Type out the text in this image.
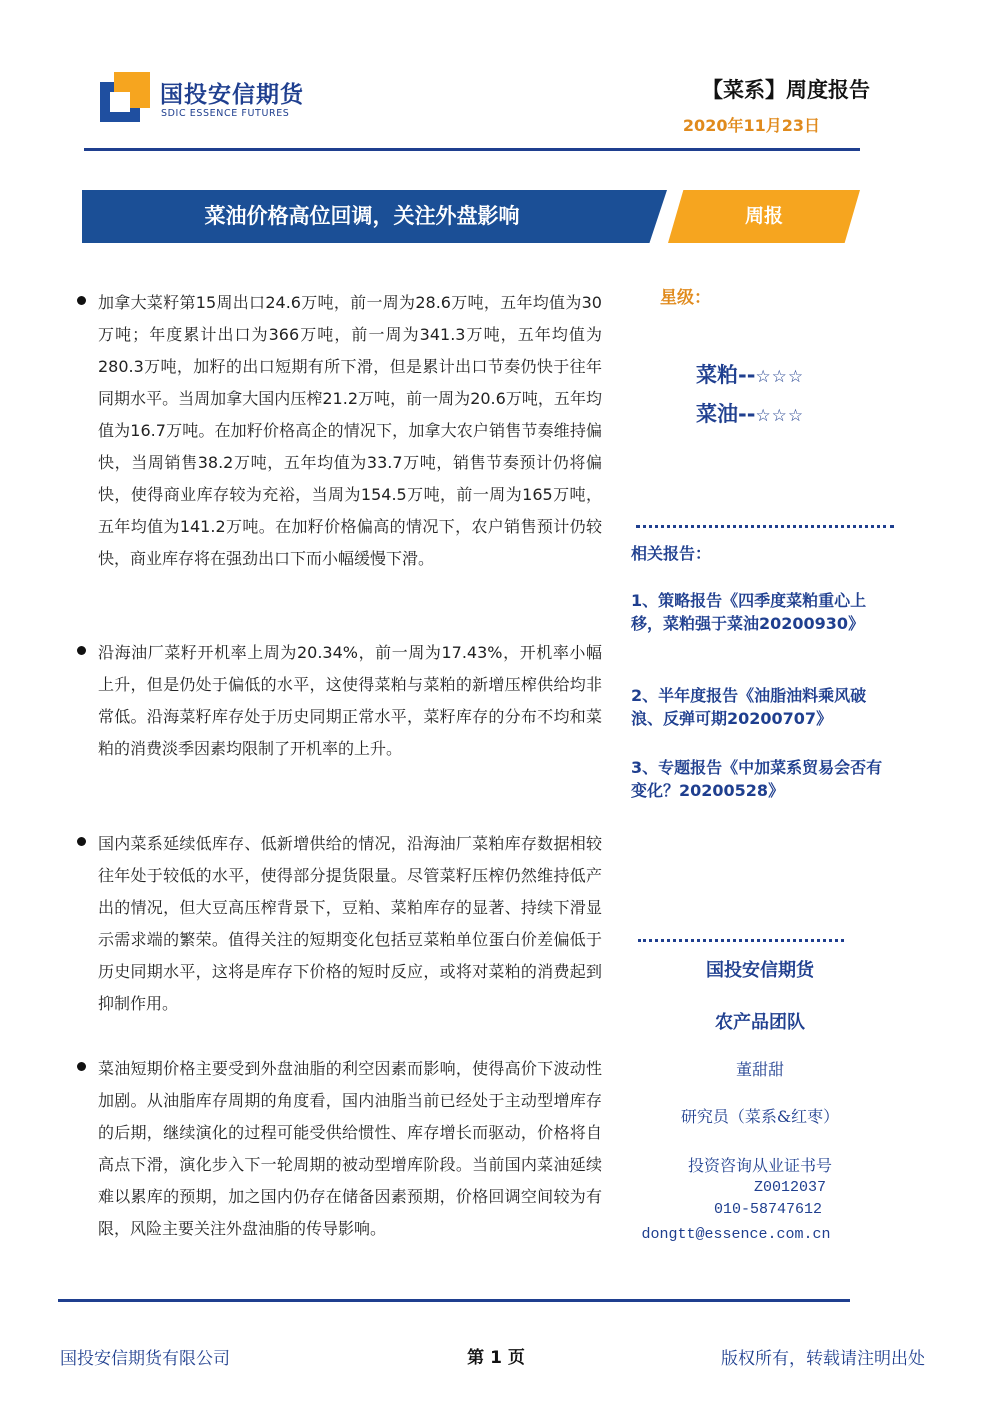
国投安信期货
SDIC ESSENCE FUTURES
【菜系】周度报告
2020年11月23日
菜油价格高位回调，关注外盘影响	周报
加拿大菜籽第15周出口24.6万吨，前一周为28.6万吨，五年均值为30万吨；年度累计出口为366万吨，前一周为341.3万吨，五年均值为280.3万吨，加籽的出口短期有所下滑，但是累计出口节奏仍快于往年同期水平。当周加拿大国内压榨21.2万吨，前一周为20.6万吨，五年均值为16.7万吨。在加籽价格高企的情况下，加拿大农户销售节奏维持偏快，当周销售38.2万吨，五年均值为33.7万吨，销售节奏预计仍将偏快，使得商业库存较为充裕，当周为154.5万吨，前一周为165万吨，五年均值为141.2万吨。在加籽价格偏高的情况下，农户销售预计仍较快，商业库存将在强劲出口下而小幅缓慢下滑。
沿海油厂菜籽开机率上周为20.34%，前一周为17.43%，开机率小幅上升，但是仍处于偏低的水平，这使得菜粕与菜粕的新增压榨供给均非常低。沿海菜籽库存处于历史同期正常水平，菜籽库存的分布不均和菜粕的消费淡季因素均限制了开机率的上升。
国内菜系延续低库存、低新增供给的情况，沿海油厂菜粕库存数据相较往年处于较低的水平，使得部分提货限量。尽管菜籽压榨仍然维持低产出的情况，但大豆高压榨背景下，豆粕、菜粕库存的显著、持续下滑显示需求端的繁荣。值得关注的短期变化包括豆菜粕单位蛋白价差偏低于历史同期水平，这将是库存下价格的短时反应，或将对菜粕的消费起到抑制作用。
菜油短期价格主要受到外盘油脂的利空因素而影响，使得高价下波动性加剧。从油脂库存周期的角度看，国内油脂当前已经处于主动型增库存的后期，继续演化的过程可能受供给惯性、库存增长而驱动，价格将自高点下滑，演化步入下一轮周期的被动型增库阶段。当前国内菜油延续难以累库的预期，加之国内仍存在储备因素预期，价格回调空间较为有限，风险主要关注外盘油脂的传导影响。
星级：
菜粕--☆☆☆
菜油--☆☆☆
相关报告：
1、策略报告《四季度菜粕重心上移，菜粕强于菜油20200930》
2、半年度报告《油脂油料乘风破浪、反弹可期20200707》
3、专题报告《中加菜系贸易会否有变化？20200528》
国投安信期货
农产品团队
董甜甜
研究员（菜系&红枣）
投资咨询从业证书号
Z0012037
010-58747612
dongtt@essence.com.cn
国投安信期货有限公司	第 1 页	版权所有，转载请注明出处
